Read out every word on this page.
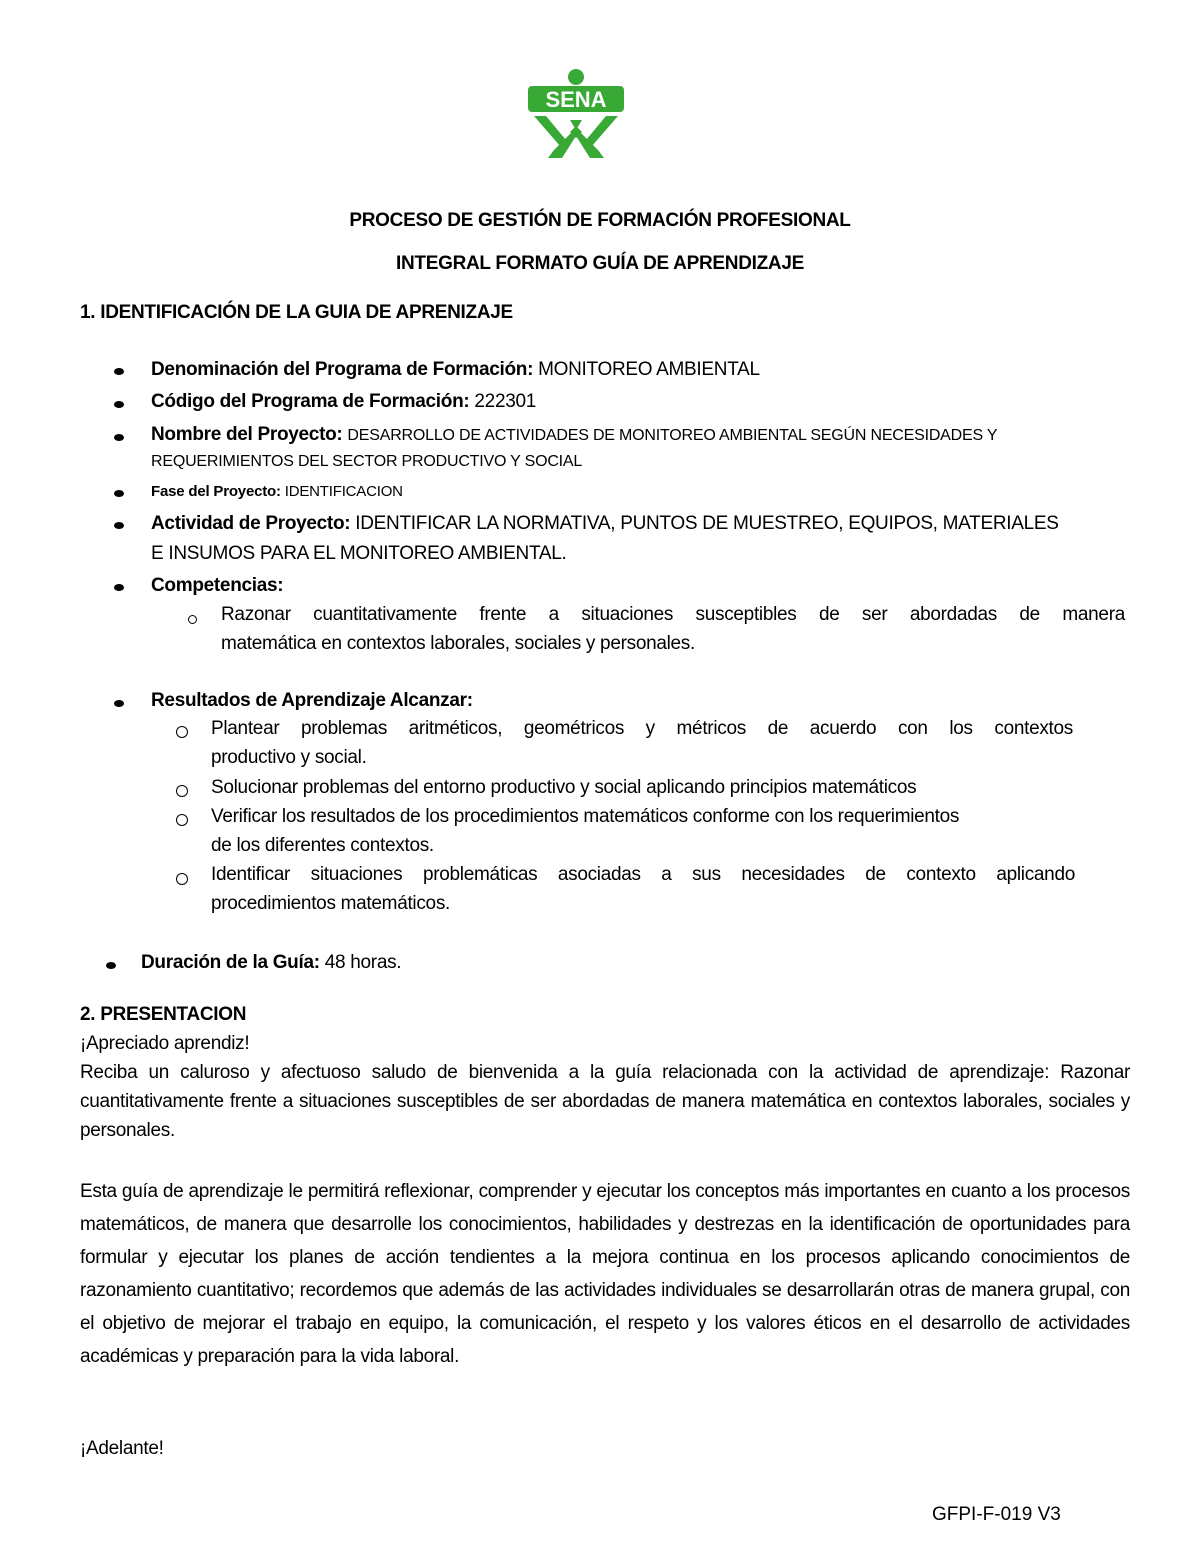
SENA
PROCESO DE GESTIÓN DE FORMACIÓN PROFESIONAL
INTEGRAL FORMATO GUÍA DE APRENDIZAJE
1. IDENTIFICACIÓN DE LA GUIA DE APRENIZAJE
Denominación del Programa de Formación: MONITOREO AMBIENTAL
Código del Programa de Formación: 222301
Nombre del Proyecto: DESARROLLO DE ACTIVIDADES DE MONITOREO AMBIENTAL SEGÚN NECESIDADES Y
REQUERIMIENTOS DEL SECTOR PRODUCTIVO Y SOCIAL
Fase del Proyecto: IDENTIFICACION
Actividad de Proyecto: IDENTIFICAR LA NORMATIVA, PUNTOS DE MUESTREO, EQUIPOS, MATERIALES
E INSUMOS PARA EL MONITOREO AMBIENTAL.
Competencias:
Razonar cuantitativamente frente a situaciones susceptibles de ser abordadas de manera
matemática en contextos laborales, sociales y personales.
Resultados de Aprendizaje Alcanzar:
Plantear problemas aritméticos, geométricos y métricos de acuerdo con los contextos
productivo y social.
Solucionar problemas del entorno productivo y social aplicando principios matemáticos
Verificar los resultados de los procedimientos matemáticos conforme con los requerimientos
de los diferentes contextos.
Identificar situaciones problemáticas asociadas a sus necesidades de contexto aplicando
procedimientos matemáticos.
Duración de la Guía: 48 horas.
2. PRESENTACION
¡Apreciado aprendiz!
Reciba un caluroso y afectuoso saludo de bienvenida a la guía relacionada con la actividad de aprendizaje: Razonar cuantitativamente frente a situaciones susceptibles de ser abordadas de manera matemática en contextos laborales, sociales y personales.
Esta guía de aprendizaje le permitirá reflexionar, comprender y ejecutar los conceptos más importantes en cuanto a los procesos matemáticos, de manera que desarrolle los conocimientos, habilidades y destrezas en la identificación de oportunidades para formular y ejecutar los planes de acción tendientes a la mejora continua en los procesos aplicando conocimientos de razonamiento cuantitativo; recordemos que además de las actividades individuales se desarrollarán otras de manera grupal, con el objetivo de mejorar el trabajo en equipo, la comunicación, el respeto y los valores éticos en el desarrollo de actividades académicas y preparación para la vida laboral.
¡Adelante!
GFPI-F-019 V3
